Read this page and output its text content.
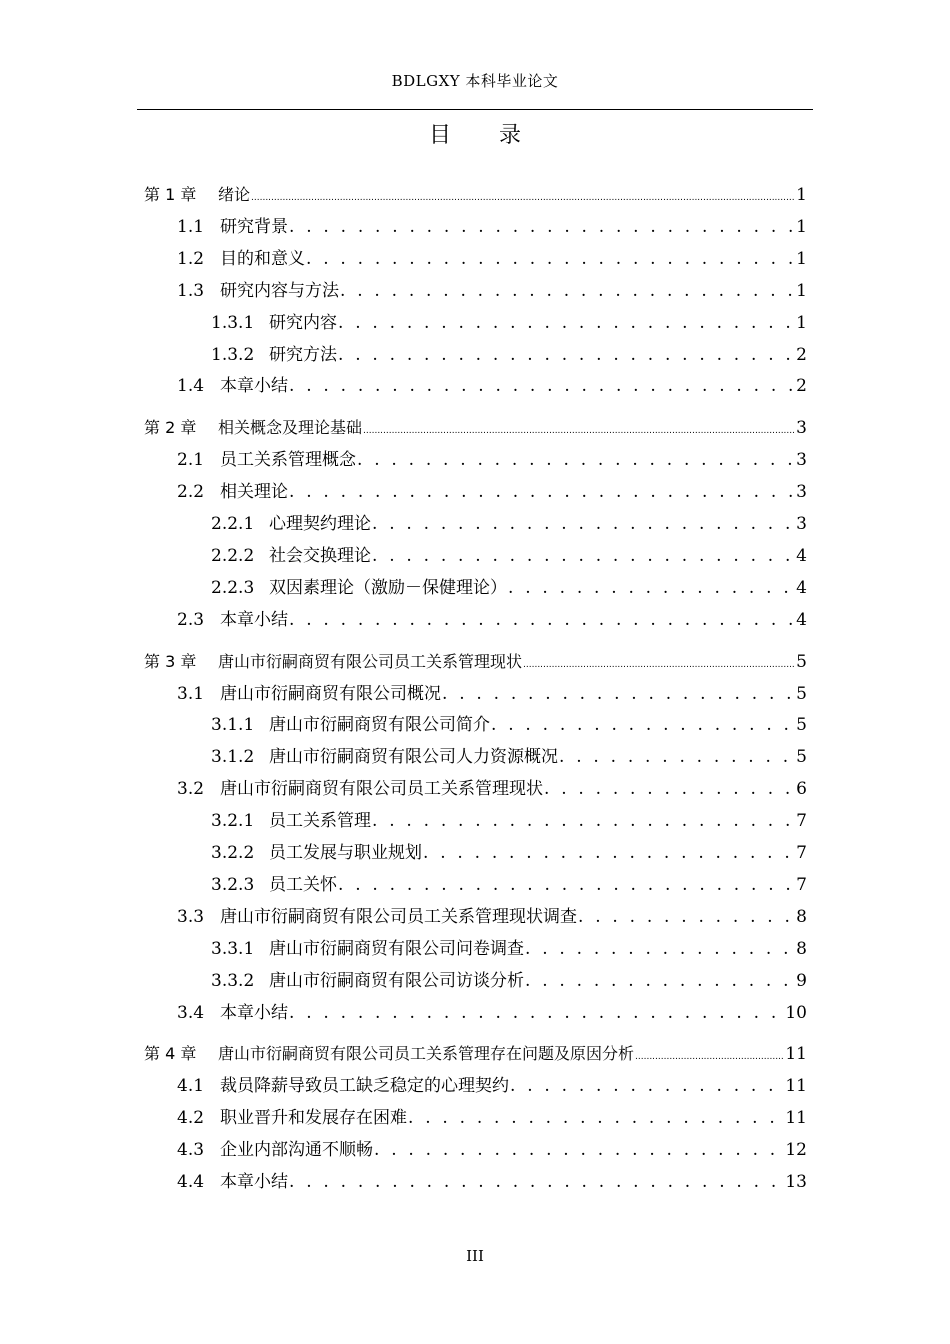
BDLGXY 本科毕业论文
目录
第 1 章	绪论 .....	1
1.1 研究背景 . . .	1
1.2 目的和意义 . . .	1
1.3 研究内容与方法 . . .	1
1.3.1 研究内容 . . .	1
1.3.2 研究方法 . . .	2
1.4 本章小结 . . .	2
第 2 章	相关概念及理论基础 .....	3
2.1 员工关系管理概念 . . .	3
2.2 相关理论 . . .	3
2.2.1 心理契约理论 . . .	3
2.2.2 社会交换理论 . . .	4
2.2.3 双因素理论（激励－保健理论） . . .	4
2.3 本章小结 . . .	4
第 3 章	唐山市衍嗣商贸有限公司员工关系管理现状 .....	5
3.1 唐山市衍嗣商贸有限公司概况 . . .	5
3.1.1 唐山市衍嗣商贸有限公司简介 . . .	5
3.1.2 唐山市衍嗣商贸有限公司人力资源概况 . . .	5
3.2 唐山市衍嗣商贸有限公司员工关系管理现状 . . .	6
3.2.1 员工关系管理 . . .	7
3.2.2 员工发展与职业规划 . . .	7
3.2.3 员工关怀 . . .	7
3.3 唐山市衍嗣商贸有限公司员工关系管理现状调查 . . .	8
3.3.1 唐山市衍嗣商贸有限公司问卷调查 . . .	8
3.3.2 唐山市衍嗣商贸有限公司访谈分析 . . .	9
3.4 本章小结 . . .	10
第 4 章	唐山市衍嗣商贸有限公司员工关系管理存在问题及原因分析 .....	11
4.1 裁员降薪导致员工缺乏稳定的心理契约 . . .	11
4.2 职业晋升和发展存在困难 . . .	11
4.3 企业内部沟通不顺畅 . . .	12
4.4 本章小结 . . .	13
III
